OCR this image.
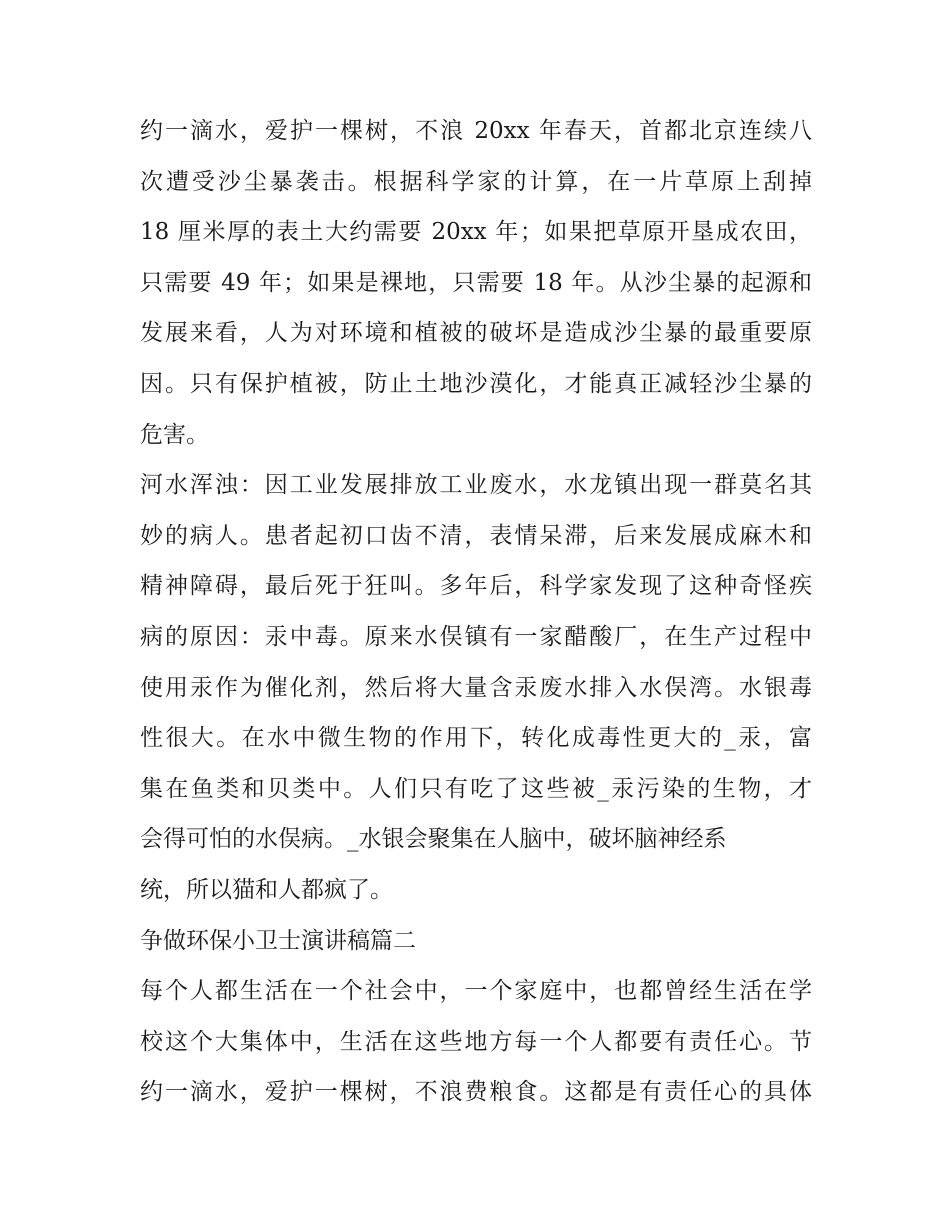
约一滴水，爱护一棵树，不浪 20xx 年春天，首都北京连续八
次遭受沙尘暴袭击。根据科学家的计算，在一片草原上刮掉
18 厘米厚的表土大约需要 20xx 年；如果把草原开垦成农田，
只需要 49 年；如果是裸地，只需要 18 年。从沙尘暴的起源和
发展来看，人为对环境和植被的破坏是造成沙尘暴的最重要原
因。只有保护植被，防止土地沙漠化，才能真正减轻沙尘暴的
危害。
河水浑浊：因工业发展排放工业废水，水龙镇出现一群莫名其
妙的病人。患者起初口齿不清，表情呆滞，后来发展成麻木和
精神障碍，最后死于狂叫。多年后，科学家发现了这种奇怪疾
病的原因：汞中毒。原来水俣镇有一家醋酸厂，在生产过程中
使用汞作为催化剂，然后将大量含汞废水排入水俣湾。水银毒
性很大。在水中微生物的作用下，转化成毒性更大的_汞，富
集在鱼类和贝类中。人们只有吃了这些被_汞污染的生物，才
会得可怕的水俣病。_水银会聚集在人脑中，破坏脑神经系
统，所以猫和人都疯了。
争做环保小卫士演讲稿篇二
每个人都生活在一个社会中，一个家庭中，也都曾经生活在学
校这个大集体中，生活在这些地方每一个人都要有责任心。节
约一滴水，爱护一棵树，不浪费粮食。这都是有责任心的具体
